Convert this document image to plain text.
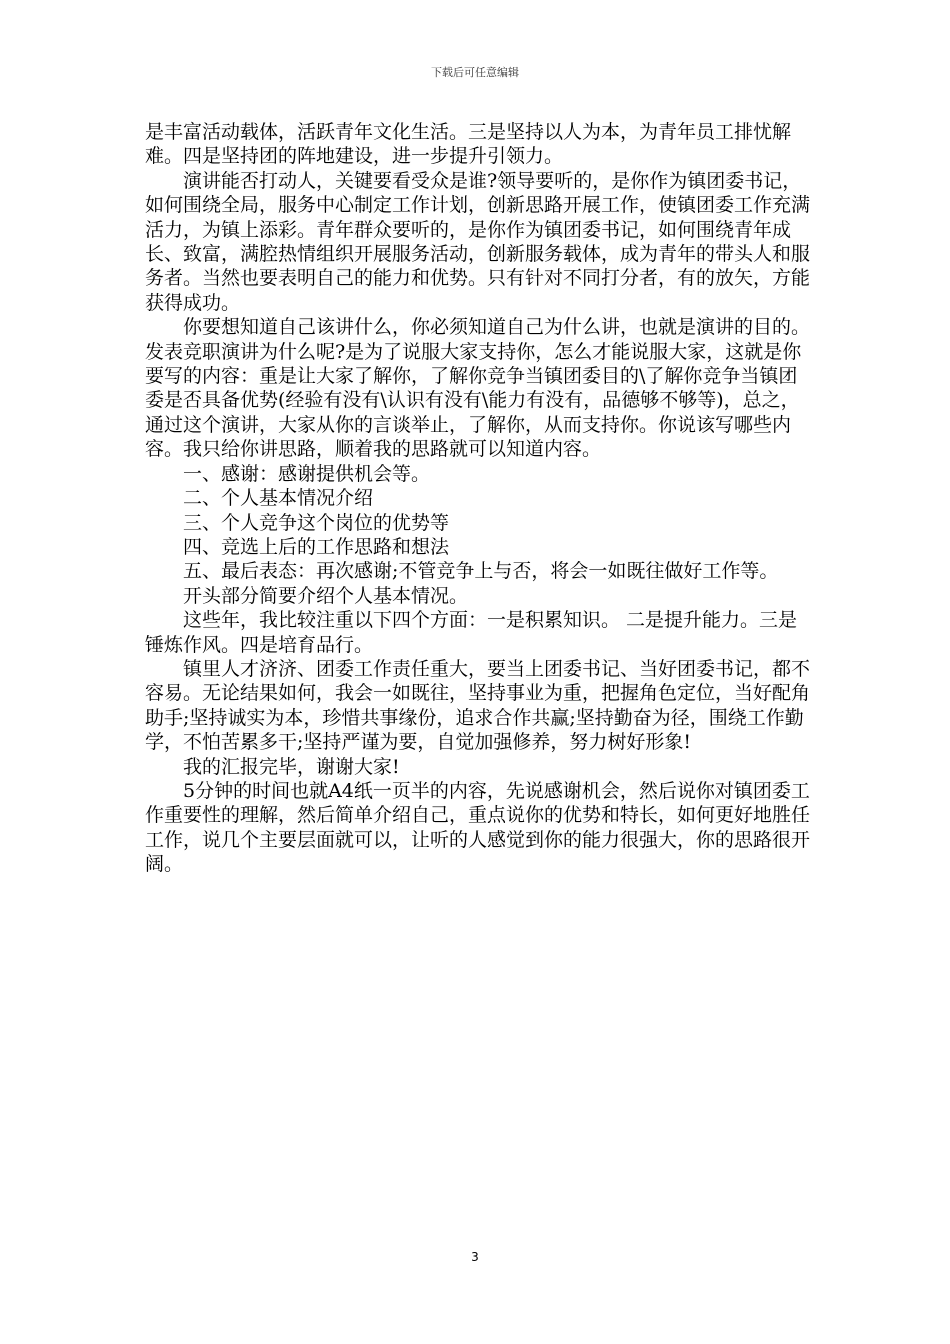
下载后可任意编辑

是丰富活动载体，活跃青年文化生活。三是坚持以人为本，为青年员工排忧解难。四是坚持团的阵地建设，进一步提升引领力。

演讲能否打动人，关键要看受众是谁?领导要听的，是你作为镇团委书记，如何围绕全局，服务中心制定工作计划，创新思路开展工作，使镇团委工作充满活力，为镇上添彩。青年群众要听的，是你作为镇团委书记，如何围绕青年成长、致富，满腔热情组织开展服务活动，创新服务载体，成为青年的带头人和服务者。当然也要表明自己的能力和优势。只有针对不同打分者，有的放矢，方能获得成功。

你要想知道自己该讲什么，你必须知道自己为什么讲，也就是演讲的目的。发表竞职演讲为什么呢?是为了说服大家支持你，怎么才能说服大家，这就是你要写的内容：重是让大家了解你，了解你竞争当镇团委目的\了解你竞争当镇团委是否具备优势(经验有没有\认识有没有\能力有没有，品德够不够等)，总之，通过这个演讲，大家从你的言谈举止，了解你，从而支持你。你说该写哪些内容。我只给你讲思路，顺着我的思路就可以知道内容。

一、感谢：感谢提供机会等。

二、个人基本情况介绍

三、个人竞争这个岗位的优势等

四、竞选上后的工作思路和想法

五、最后表态：再次感谢;不管竞争上与否，将会一如既往做好工作等。

开头部分简要介绍个人基本情况。

这些年，我比较注重以下四个方面：一是积累知识。 二是提升能力。三是锤炼作风。四是培育品行。

镇里人才济济、团委工作责任重大，要当上团委书记、当好团委书记，都不容易。无论结果如何，我会一如既往，坚持事业为重，把握角色定位，当好配角助手;坚持诚实为本，珍惜共事缘份，追求合作共赢;坚持勤奋为径，围绕工作勤学，不怕苦累多干;坚持严谨为要，自觉加强修养，努力树好形象!

我的汇报完毕，谢谢大家!

5分钟的时间也就A4纸一页半的内容，先说感谢机会，然后说你对镇团委工作重要性的理解，然后简单介绍自己，重点说你的优势和特长，如何更好地胜任工作，说几个主要层面就可以，让听的人感觉到你的能力很强大，你的思路很开阔。

3
